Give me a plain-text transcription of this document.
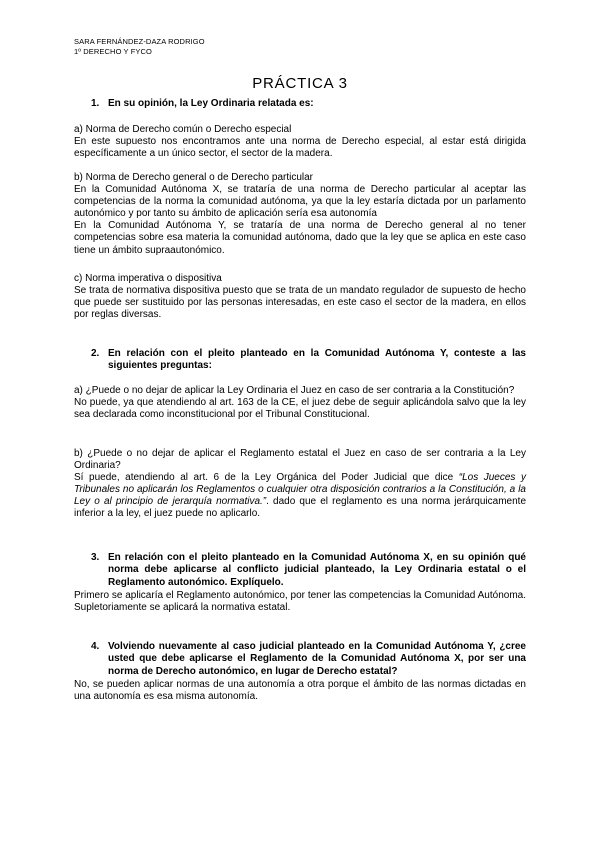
SARA FERNÁNDEZ-DAZA RODRIGO
1º DERECHO Y FYCO
PRÁCTICA 3
1. En su opinión, la Ley Ordinaria relatada es:

a) Norma de Derecho común o Derecho especial

En este supuesto nos encontramos ante una norma de Derecho especial, al estar está dirigida específicamente a un único sector, el sector de la madera.

b) Norma de Derecho general o de Derecho particular

En la Comunidad Autónoma X, se trataría de una norma de Derecho particular al aceptar las competencias de la norma la comunidad autónoma, ya que la ley estaría dictada por un parlamento autonómico y por tanto su ámbito de aplicación sería esa autonomía

En la Comunidad Autónoma Y, se trataría de una norma de Derecho general al no tener competencias sobre esa materia la comunidad autónoma, dado que la ley que se aplica en este caso tiene un ámbito supraautonómico.

c) Norma imperativa o dispositiva

Se trata de normativa dispositiva puesto que se trata de un mandato regulador de supuesto de hecho que puede ser sustituido por las personas interesadas, en este caso el sector de la madera, en ellos por reglas diversas.

2. En relación con el pleito planteado en la Comunidad Autónoma Y, conteste a las siguientes preguntas:

a) ¿Puede o no dejar de aplicar la Ley Ordinaria el Juez en caso de ser contraria a la Constitución?

No puede, ya que atendiendo al art. 163 de la CE, el juez debe de seguir aplicándola salvo que la ley sea declarada como inconstitucional por el Tribunal Constitucional.

b) ¿Puede o no dejar de aplicar el Reglamento estatal el Juez en caso de ser contraria a la Ley Ordinaria?

Sí puede, atendiendo al art. 6 de la Ley Orgánica del Poder Judicial que dice “Los Jueces y Tribunales no aplicarán los Reglamentos o cualquier otra disposición contrarios a la Constitución, a la Ley o al principio de jerarquía normativa.”. dado que el reglamento es una norma jerárquicamente inferior a la ley, el juez puede no aplicarlo.

3. En relación con el pleito planteado en la Comunidad Autónoma X, en su opinión qué norma debe aplicarse al conflicto judicial planteado, la Ley Ordinaria estatal o el Reglamento autonómico. Explíquelo.
Primero se aplicaría el Reglamento autonómico, por tener las competencias la Comunidad Autónoma. Supletoriamente se aplicará la normativa estatal.
4. Volviendo nuevamente al caso judicial planteado en la Comunidad Autónoma Y, ¿cree usted que debe aplicarse el Reglamento de la Comunidad Autónoma X, por ser una norma de Derecho autonómico, en lugar de Derecho estatal?
No, se pueden aplicar normas de una autonomía a otra porque el ámbito de las normas dictadas en una autonomía es esa misma autonomía.
